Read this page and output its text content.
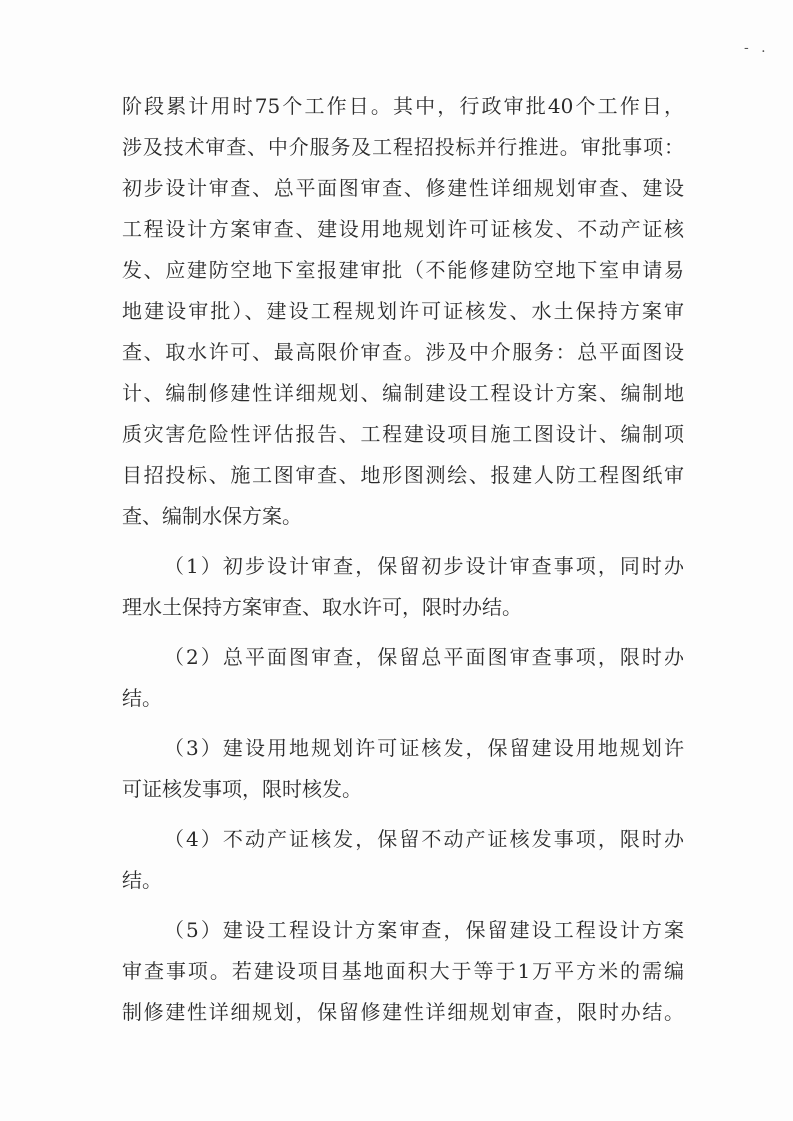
- .
阶段累计用时75个工作日。其中，行政审批40个工作日，
涉及技术审查、中介服务及工程招投标并行推进。审批事项：
初步设计审查、总平面图审查、修建性详细规划审查、建设
工程设计方案审查、建设用地规划许可证核发、不动产证核
发、应建防空地下室报建审批（不能修建防空地下室申请易
地建设审批）、建设工程规划许可证核发、水土保持方案审
查、取水许可、最高限价审查。涉及中介服务：总平面图设
计、编制修建性详细规划、编制建设工程设计方案、编制地
质灾害危险性评估报告、工程建设项目施工图设计、编制项
目招投标、施工图审查、地形图测绘、报建人防工程图纸审
查、编制水保方案。
（1）初步设计审查，保留初步设计审查事项，同时办
理水土保持方案审查、取水许可，限时办结。
（2）总平面图审查，保留总平面图审查事项，限时办
结。
（3）建设用地规划许可证核发，保留建设用地规划许
可证核发事项，限时核发。
（4）不动产证核发，保留不动产证核发事项，限时办
结。
（5）建设工程设计方案审查，保留建设工程设计方案
审查事项。若建设项目基地面积大于等于1万平方米的需编
制修建性详细规划，保留修建性详细规划审查，限时办结。
